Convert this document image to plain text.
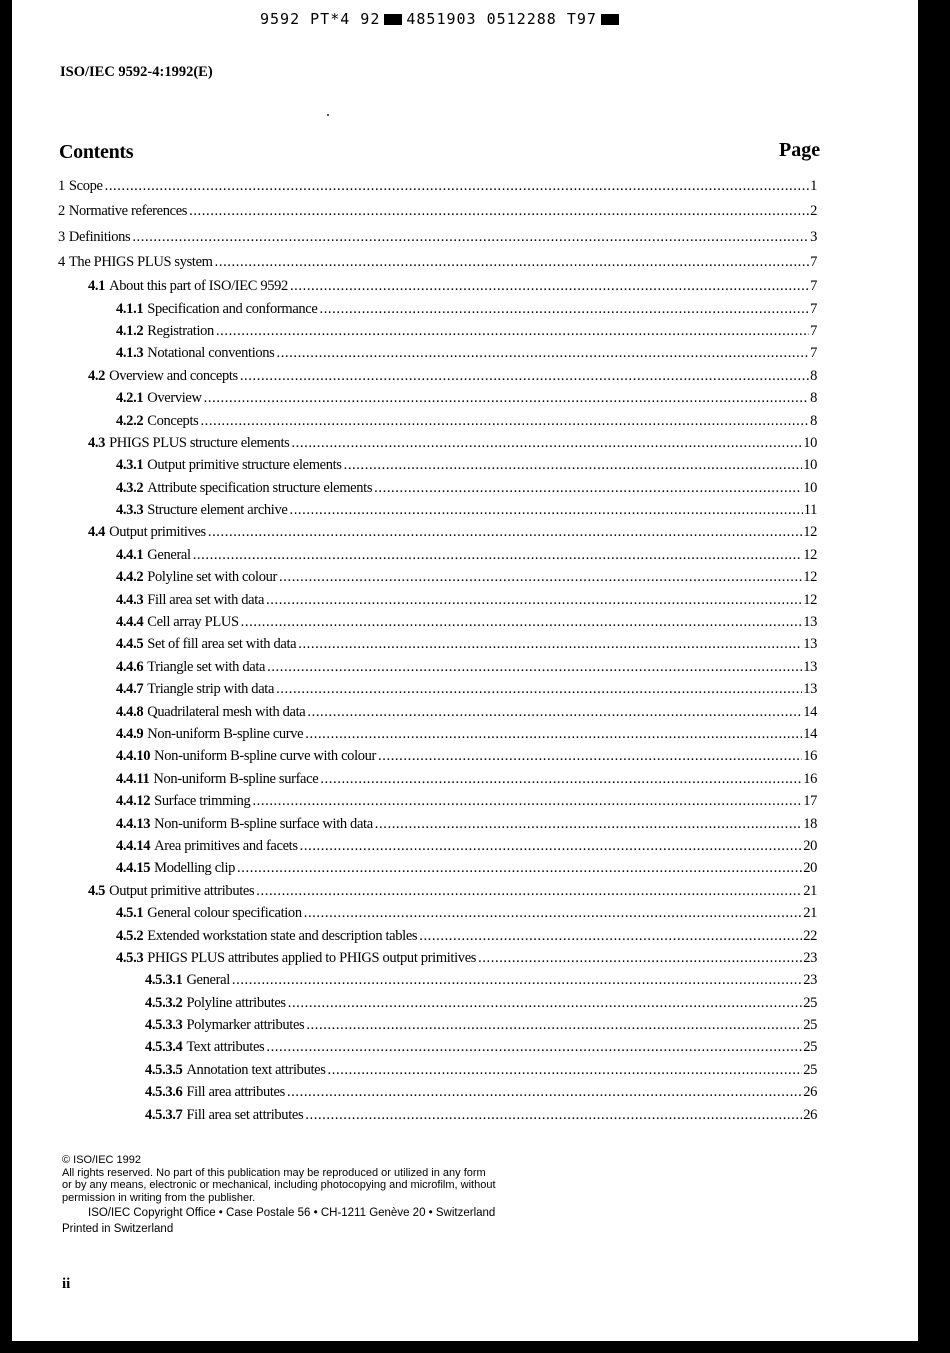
9592 PT*4 92 4851903 0512288 T97
ISO/IEC 9592-4:1992(E)
Contents	Page
1 Scope .....	1
2 Normative references .....	2
3 Definitions .....	3
4 The PHIGS PLUS system .....	7
4.1 About this part of ISO/IEC 9592 .....	7
4.1.1 Specification and conformance .....	7
4.1.2 Registration .....	7
4.1.3 Notational conventions .....	7
4.2 Overview and concepts .....	8
4.2.1 Overview .....	8
4.2.2 Concepts .....	8
4.3 PHIGS PLUS structure elements .....	10
4.3.1 Output primitive structure elements .....	10
4.3.2 Attribute specification structure elements .....	10
4.3.3 Structure element archive .....	11
4.4 Output primitives .....	12
4.4.1 General .....	12
4.4.2 Polyline set with colour .....	12
4.4.3 Fill area set with data .....	12
4.4.4 Cell array PLUS .....	13
4.4.5 Set of fill area set with data .....	13
4.4.6 Triangle set with data .....	13
4.4.7 Triangle strip with data .....	13
4.4.8 Quadrilateral mesh with data .....	14
4.4.9 Non-uniform B-spline curve .....	14
4.4.10 Non-uniform B-spline curve with colour .....	16
4.4.11 Non-uniform B-spline surface .....	16
4.4.12 Surface trimming .....	17
4.4.13 Non-uniform B-spline surface with data .....	18
4.4.14 Area primitives and facets .....	20
4.4.15 Modelling clip .....	20
4.5 Output primitive attributes .....	21
4.5.1 General colour specification .....	21
4.5.2 Extended workstation state and description tables .....	22
4.5.3 PHIGS PLUS attributes applied to PHIGS output primitives .....	23
4.5.3.1 General .....	23
4.5.3.2 Polyline attributes .....	25
4.5.3.3 Polymarker attributes .....	25
4.5.3.4 Text attributes .....	25
4.5.3.5 Annotation text attributes .....	25
4.5.3.6 Fill area attributes .....	26
4.5.3.7 Fill area set attributes .....	26

© ISO/IEC 1992

All rights reserved. No part of this publication may be reproduced or utilized in any form

or by any means, electronic or mechanical, including photocopying and microfilm, without

permission in writing from the publisher.

ISO/IEC Copyright Office • Case Postale 56 • CH-1211 Genève 20 • Switzerland

Printed in Switzerland

ii
